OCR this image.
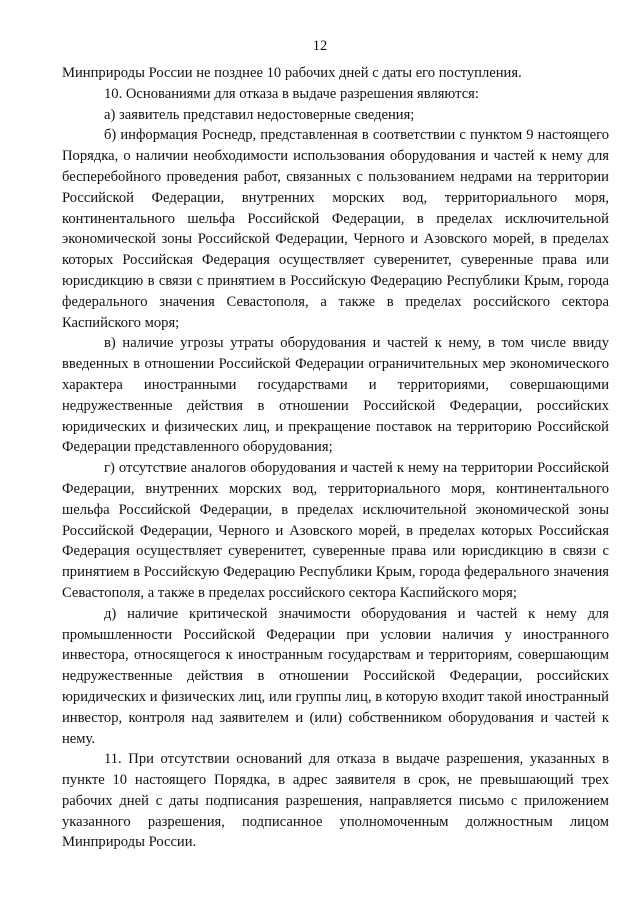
12

Минприроды России не позднее 10 рабочих дней с даты его поступления.

10. Основаниями для отказа в выдаче разрешения являются:

а) заявитель представил недостоверные сведения;

б) информация Роснедр, представленная в соответствии с пунктом 9 настоящего Порядка, о наличии необходимости использования оборудования и частей к нему для бесперебойного проведения работ, связанных с пользованием недрами на территории Российской Федерации, внутренних морских вод, территориального моря, континентального шельфа Российской Федерации, в пределах исключительной экономической зоны Российской Федерации, Черного и Азовского морей, в пределах которых Российская Федерация осуществляет суверенитет, суверенные права или юрисдикцию в связи с принятием в Российскую Федерацию Республики Крым, города федерального значения Севастополя, а также в пределах российского сектора Каспийского моря;

в) наличие угрозы утраты оборудования и частей к нему, в том числе ввиду введенных в отношении Российской Федерации ограничительных мер экономического характера иностранными государствами и территориями, совершающими недружественные действия в отношении Российской Федерации, российских юридических и физических лиц, и прекращение поставок на территорию Российской Федерации представленного оборудования;

г) отсутствие аналогов оборудования и частей к нему на территории Российской Федерации, внутренних морских вод, территориального моря, континентального шельфа Российской Федерации, в пределах исключительной экономической зоны Российской Федерации, Черного и Азовского морей, в пределах которых Российская Федерация осуществляет суверенитет, суверенные права или юрисдикцию в связи с принятием в Российскую Федерацию Республики Крым, города федерального значения Севастополя, а также в пределах российского сектора Каспийского моря;

д) наличие критической значимости оборудования и частей к нему для промышленности Российской Федерации при условии наличия у иностранного инвестора, относящегося к иностранным государствам и территориям, совершающим недружественные действия в отношении Российской Федерации, российских юридических и физических лиц, или группы лиц, в которую входит такой иностранный инвестор, контроля над заявителем и (или) собственником оборудования и частей к нему.

11. При отсутствии оснований для отказа в выдаче разрешения, указанных в пункте 10 настоящего Порядка, в адрес заявителя в срок, не превышающий трех рабочих дней с даты подписания разрешения, направляется письмо с приложением указанного разрешения, подписанное уполномоченным должностным лицом Минприроды России.
